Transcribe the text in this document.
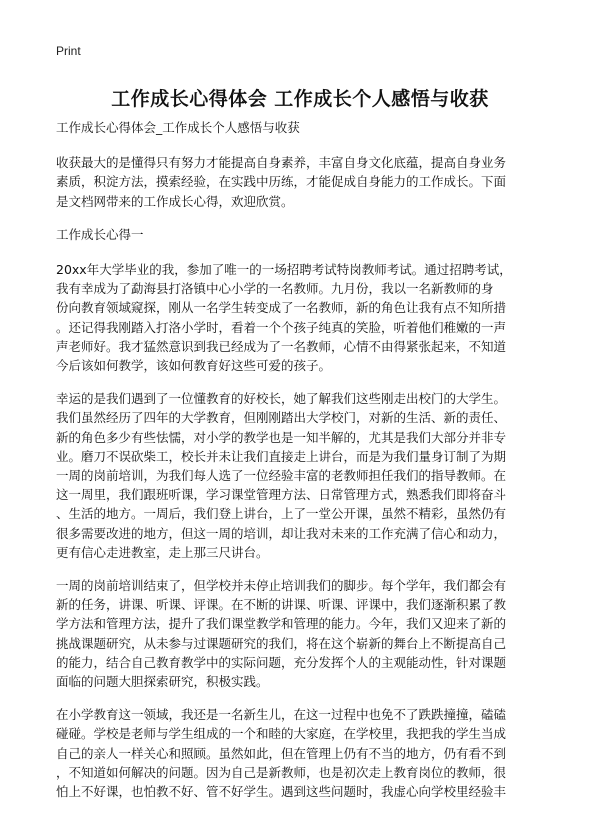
Print
工作成长心得体会 工作成长个人感悟与收获

工作成长心得体会_工作成长个人感悟与收获

收获最大的是懂得只有努力才能提高自身素养，丰富自身文化底蕴，提高自身业务
素质，积淀方法，摸索经验，在实践中历练，才能促成自身能力的工作成长。下面
是文档网带来的工作成长心得，欢迎欣赏。

工作成长心得一

20xx年大学毕业的我，参加了唯一的一场招聘考试特岗教师考试。通过招聘考试，
我有幸成为了勐海县打洛镇中心小学的一名教师。九月份，我以一名新教师的身
份向教育领域窥探，刚从一名学生转变成了一名教师，新的角色让我有点不知所措
。还记得我刚踏入打洛小学时，看着一个个孩子纯真的笑脸，听着他们稚嫩的一声
声老师好。我才猛然意识到我已经成为了一名教师，心情不由得紧张起来，不知道
今后该如何教学，该如何教育好这些可爱的孩子。

幸运的是我们遇到了一位懂教育的好校长，她了解我们这些刚走出校门的大学生。
我们虽然经历了四年的大学教育，但刚刚踏出大学校门，对新的生活、新的责任、
新的角色多少有些怯懦，对小学的教学也是一知半解的，尤其是我们大部分并非专
业。磨刀不误砍柴工，校长并未让我们直接走上讲台，而是为我们量身订制了为期
一周的岗前培训，为我们每人选了一位经验丰富的老教师担任我们的指导教师。在
这一周里，我们跟班听课，学习课堂管理方法、日常管理方式，熟悉我们即将奋斗
、生活的地方。一周后，我们登上讲台，上了一堂公开课，虽然不精彩，虽然仍有
很多需要改进的地方，但这一周的培训，却让我对未来的工作充满了信心和动力，
更有信心走进教室，走上那三尺讲台。

一周的岗前培训结束了，但学校并未停止培训我们的脚步。每个学年，我们都会有
新的任务，讲课、听课、评课。在不断的讲课、听课、评课中，我们逐渐积累了教
学方法和管理方法，提升了我们课堂教学和管理的能力。今年，我们又迎来了新的
挑战课题研究，从未参与过课题研究的我们，将在这个崭新的舞台上不断提高自己
的能力，结合自己教育教学中的实际问题，充分发挥个人的主观能动性，针对课题
面临的问题大胆探索研究，积极实践。

在小学教育这一领域，我还是一名新生儿，在这一过程中也免不了跌跌撞撞，磕磕
碰碰。学校是老师与学生组成的一个和睦的大家庭，在学校里，我把我的学生当成
自己的亲人一样关心和照顾。虽然如此，但在管理上仍有不当的地方，仍有看不到
，不知道如何解决的问题。因为自己是新教师，也是初次走上教育岗位的教师，很
怕上不好课，也怕教不好、管不好学生。遇到这些问题时，我虚心向学校里经验丰
